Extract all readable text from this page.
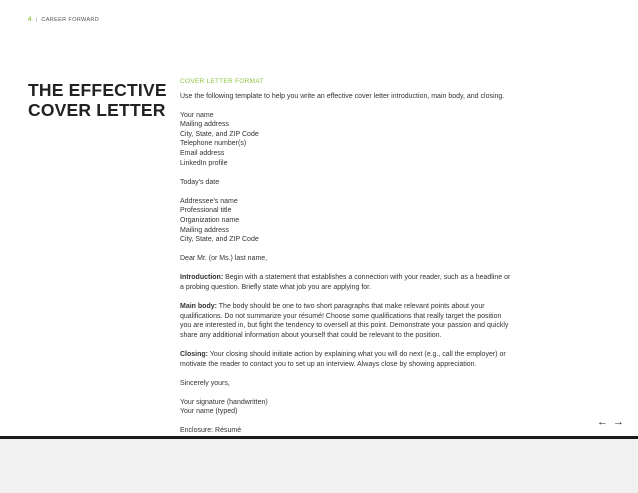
4 | CAREER FORWARD
THE EFFECTIVE
COVER LETTER
COVER LETTER FORMAT
Use the following template to help you write an effective cover letter introduction, main body, and closing.
Your name
Mailing address
City, State, and ZIP Code
Telephone number(s)
Email address
LinkedIn profile
Today's date
Addressee's name
Professional title
Organization name
Mailing address
City, State, and ZIP Code
Dear Mr. (or Ms.) last name,
Introduction: Begin with a statement that establishes a connection with your reader, such as a headline or
a probing question. Briefly state what job you are applying for.
Main body: The body should be one to two short paragraphs that make relevant points about your
qualifications. Do not summarize your résumé! Choose some qualifications that really target the position
you are interested in, but fight the tendency to oversell at this point. Demonstrate your passion and quickly
share any additional information about yourself that could be relevant to the position.
Closing: Your closing should initiate action by explaining what you will do next (e.g., call the employer) or
motivate the reader to contact you to set up an interview. Always close by showing appreciation.
Sincerely yours,
Your signature (handwritten)
Your name (typed)
Enclosure: Résumé
← →
